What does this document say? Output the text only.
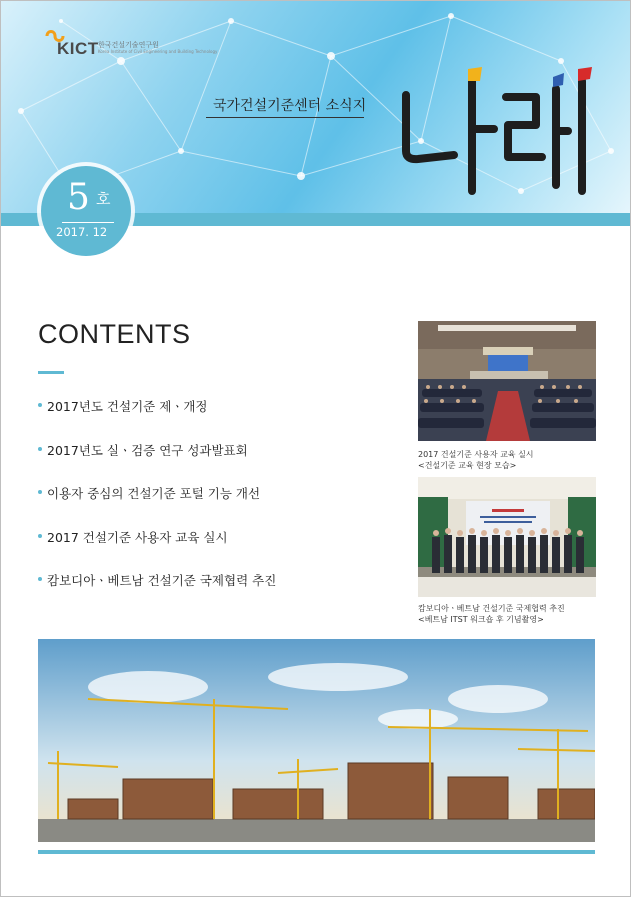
KICT 한국건설기술연구원
Korea Institute of Civil Engineering and Building Technology
국가건설기준센터 소식지
5 호
2017. 12
CONTENTS
2017년도 건설기준 제ㆍ개정
2017년도 실ㆍ검증 연구 성과발표회
이용자 중심의 건설기준 포털 기능 개선
2017 건설기준 사용자 교육 실시
캄보디아ㆍ베트남 건설기준 국제협력 추진
2017 건설기준 사용자 교육 실시
<건설기준 교육 현장 모습>
캄보디아ㆍ베트남 건설기준 국제협력 추진
<베트남 ITST 워크숍 후 기념촬영>
